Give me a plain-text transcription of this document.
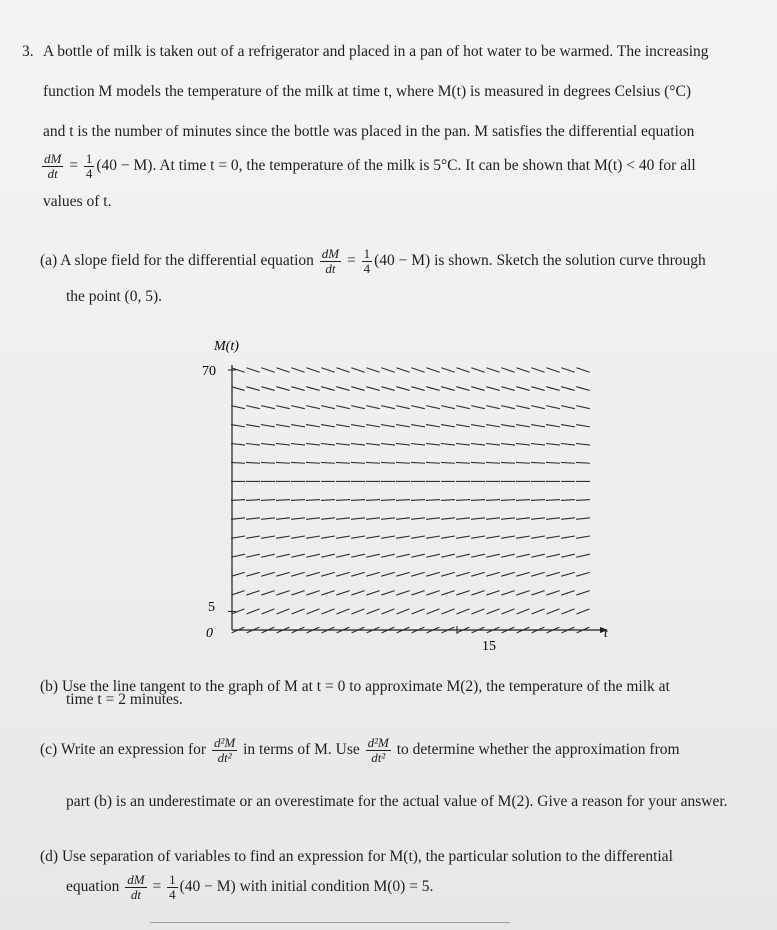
3. A bottle of milk is taken out of a refrigerator and placed in a pan of hot water to be warmed. The increasing
function M models the temperature of the milk at time t, where M(t) is measured in degrees Celsius (°C)
and t is the number of minutes since the bottle was placed in the pan. M satisfies the differential equation
$\frac{dM}{dt} = \frac{1}{4} (40 - M)$. At time t = 0, the temperature of the milk is 5°C. It can be shown that M(t) < 40 for all
values of t.
(a) A slope field for the differential equation $\frac{dM}{dt} = \frac{1}{4} (40 - M)$ is shown. Sketch the solution curve through
the point (0, 5).
M(t)
t
70
5
0
15
(b) Use the line tangent to the graph of M at t = 0 to approximate M(2), the temperature of the milk at
time t = 2 minutes.
(c) Write an expression for $\frac{\text{d²M}}{\text{dt²}}$ in terms of M. Use $\frac{\text{d²M}}{\text{dt²}}$ to determine whether the approximation from
part (b) is an underestimate or an overestimate for the actual value of M(2). Give a reason for your answer.
(d) Use separation of variables to find an expression for M(t), the particular solution to the differential
equation $\frac{dM}{dt} = \frac{1}{4} (40 - M)$ with initial condition M(0) = 5.
